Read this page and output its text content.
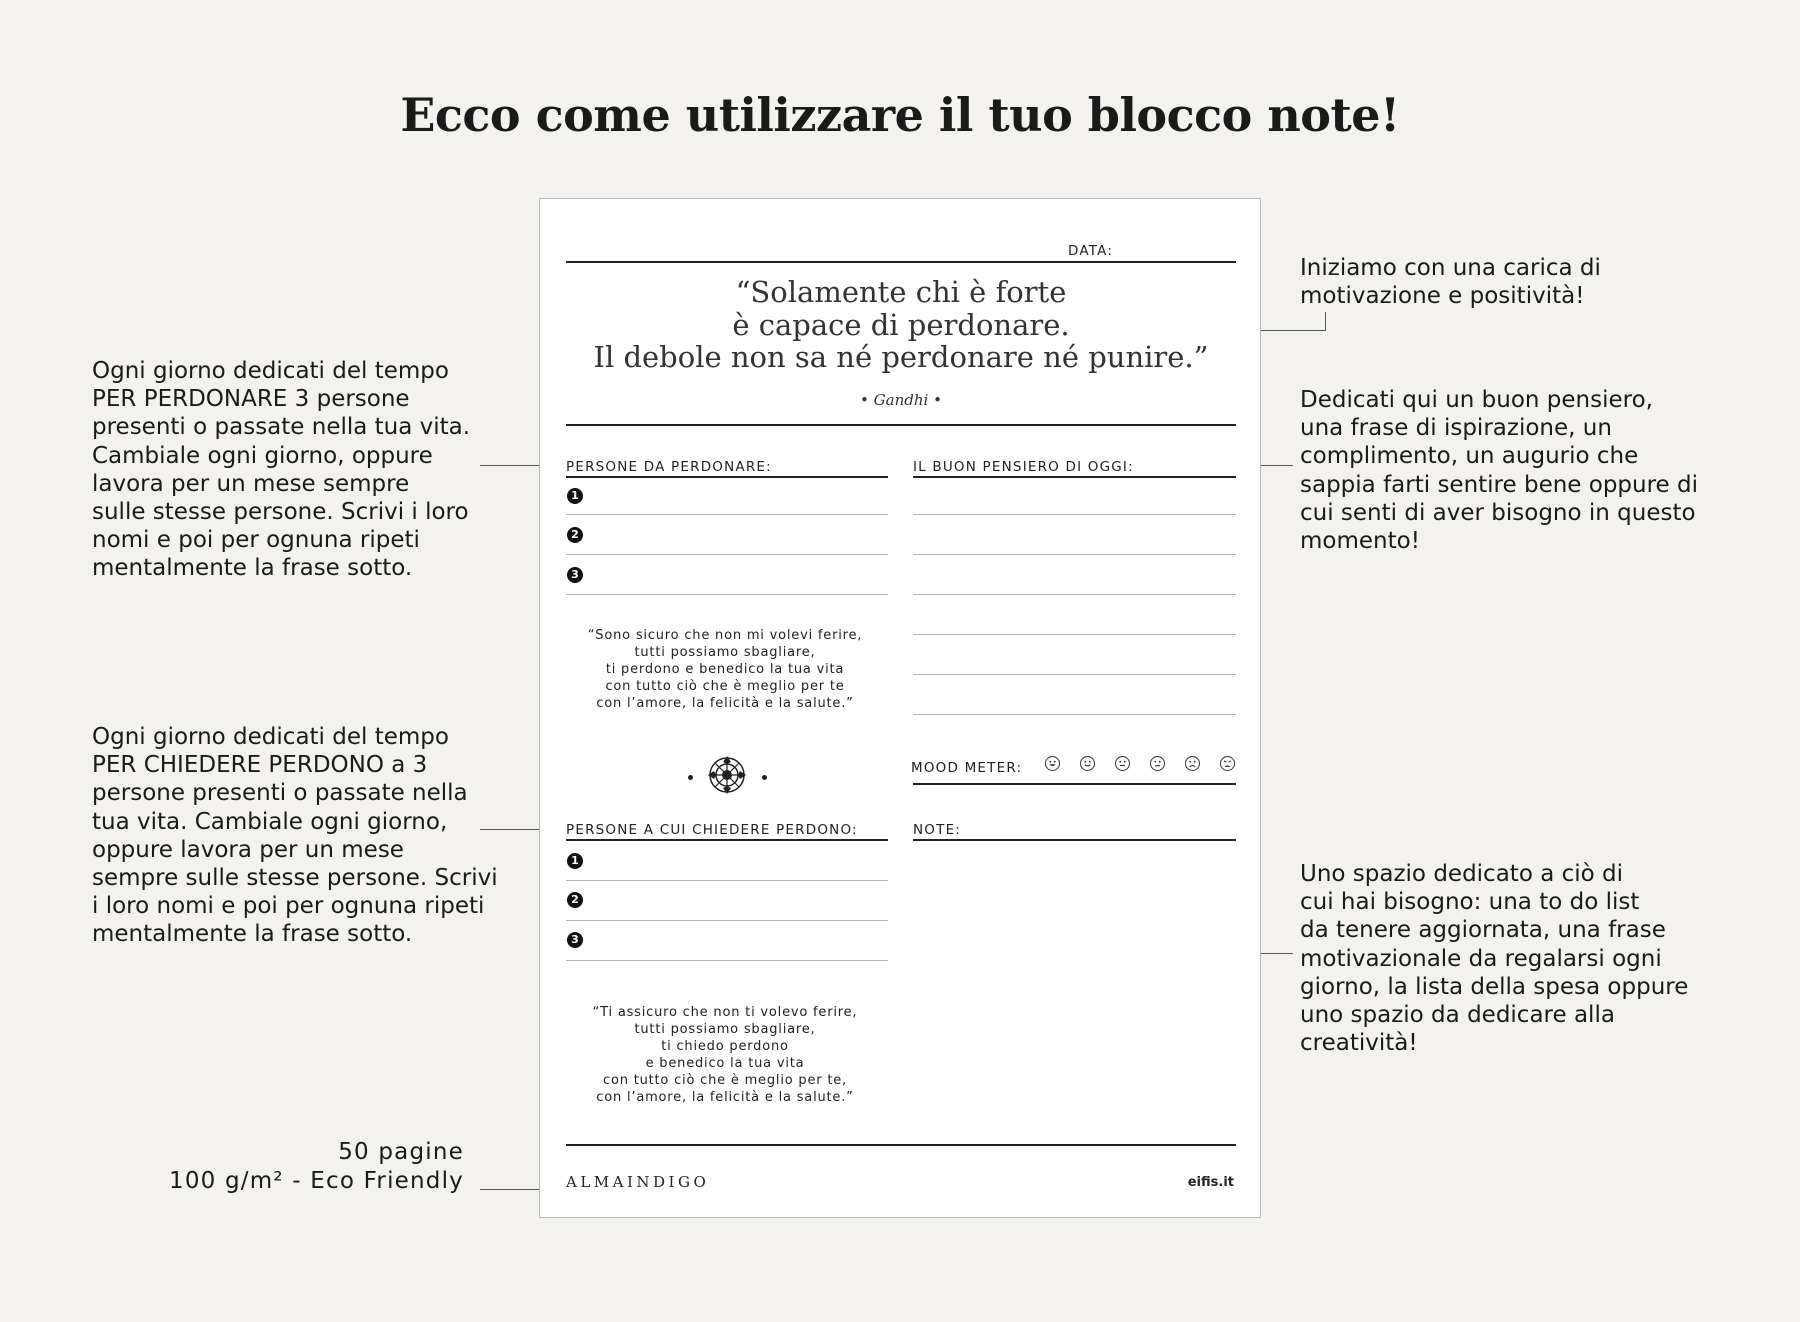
Ecco come utilizzare il tuo blocco note!
Ogni giorno dedicati del tempo
PER PERDONARE 3 persone
presenti o passate nella tua vita.
Cambiale ogni giorno, oppure
lavora per un mese sempre
sulle stesse persone. Scrivi i loro
nomi e poi per ognuna ripeti
mentalmente la frase sotto.
Ogni giorno dedicati del tempo
PER CHIEDERE PERDONO a 3
persone presenti o passate nella
tua vita. Cambiale ogni giorno,
oppure lavora per un mese
sempre sulle stesse persone. Scrivi
i loro nomi e poi per ognuna ripeti
mentalmente la frase sotto.
50 pagine
100 g/m² - Eco Friendly
Iniziamo con una carica di
motivazione e positività!
Dedicati qui un buon pensiero,
una frase di ispirazione, un
complimento, un augurio che
sappia farti sentire bene oppure di
cui senti di aver bisogno in questo
momento!
Uno spazio dedicato a ciò di
cui hai bisogno: una to do list
da tenere aggiornata, una frase
motivazionale da regalarsi ogni
giorno, la lista della spesa oppure
uno spazio da dedicare alla
creatività!
DATA:
“Solamente chi è forte
è capace di perdonare.
Il debole non sa né perdonare né punire.”
• Gandhi •
PERSONE DA PERDONARE:	IL BUON PENSIERO DI OGGI:
1
2
3
“Sono sicuro che non mi volevi ferire,
tutti possiamo sbagliare,
ti perdono e benedico la tua vita
con tutto ciò che è meglio per te
con l’amore, la felicità e la salute.”
MOOD METER:
PERSONE A CUI CHIEDERE PERDONO:	NOTE:
1
2
3
“Ti assicuro che non ti volevo ferire,
tutti possiamo sbagliare,
ti chiedo perdono
e benedico la tua vita
con tutto ciò che è meglio per te,
con l’amore, la felicità e la salute.”
ALMAINDIGO	eifis.it
